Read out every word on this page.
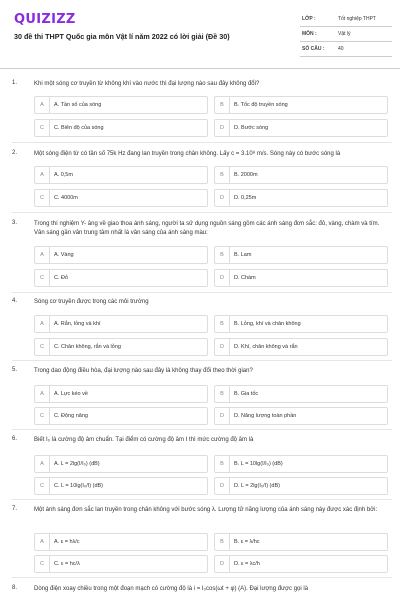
QUIZIZZ
30 đề thi THPT Quốc gia môn Vật lí năm 2022 có lời giải (Đề 30)
LỚP :	Tốt nghiệp THPT
MÔN :	Vật lý
SỐ CÂU :	40
1.	Khi một sóng cơ truyền từ không khí vào nước thì đại lượng nào sau đây không đổi?
A	A. Tần số của sóng	B	B. Tốc độ truyền sóng
C	C. Biên độ của sóng	D	D. Bước sóng
2.	Một sóng điện từ có tần số 75k Hz đang lan truyền trong chân không. Lấy c = 3.10⁸ m/s. Sóng này có bước sóng là
A	A. 0,5m	B	B. 2000m
C	C. 4000m	D	D. 0,25m
3.	Trong thí nghiệm Y- âng về giao thoa ánh sáng, người ta sử dụng nguồn sáng gồm các ánh sáng đơn sắc: đỏ, vàng, chàm và tím. Vân sáng gần vân trung tâm nhất là vân sáng của ánh sáng màu:
A	A. Vàng	B	B. Lam
C	C. Đỏ	D	D. Chàm
4.	Sóng cơ truyền được trong các môi trường
A	A. Rắn, lỏng và khí	B	B. Lỏng, khí và chân không
C	C. Chân không, rắn và lỏng	D	D. Khí, chân không và rắn
5.	Trong dao động điều hòa, đại lượng nào sau đây là không thay đổi theo thời gian?
A	A. Lực kéo về	B	B. Gia tốc
C	C. Động năng	D	D. Năng lượng toàn phần
6.	Biết I₀ là cường độ âm chuẩn. Tại điểm có cường độ âm I thì mức cường độ âm là
A	A. L = 2lg(I/I₀) (dB)	B	B. L = 10lg(I/I₀) (dB)
C	C. L = 10lg(I₀/I) (dB)	D	D. L = 2lg(I₀/I) (dB)
7.	Một ánh sáng đơn sắc lan truyền trong chân không với bước sóng λ. Lượng tử năng lượng của ánh sáng này được xác định bởi:
A	A. ε = hλ/c	B	B. ε = λ/hc
C	C. ε = hc/λ	D	D. ε = λc/h
8.	Dòng điện xoay chiều trong một đoạn mạch có cường độ là i = I₀cos(ωt + φ) (A). Đại lượng được gọi là
